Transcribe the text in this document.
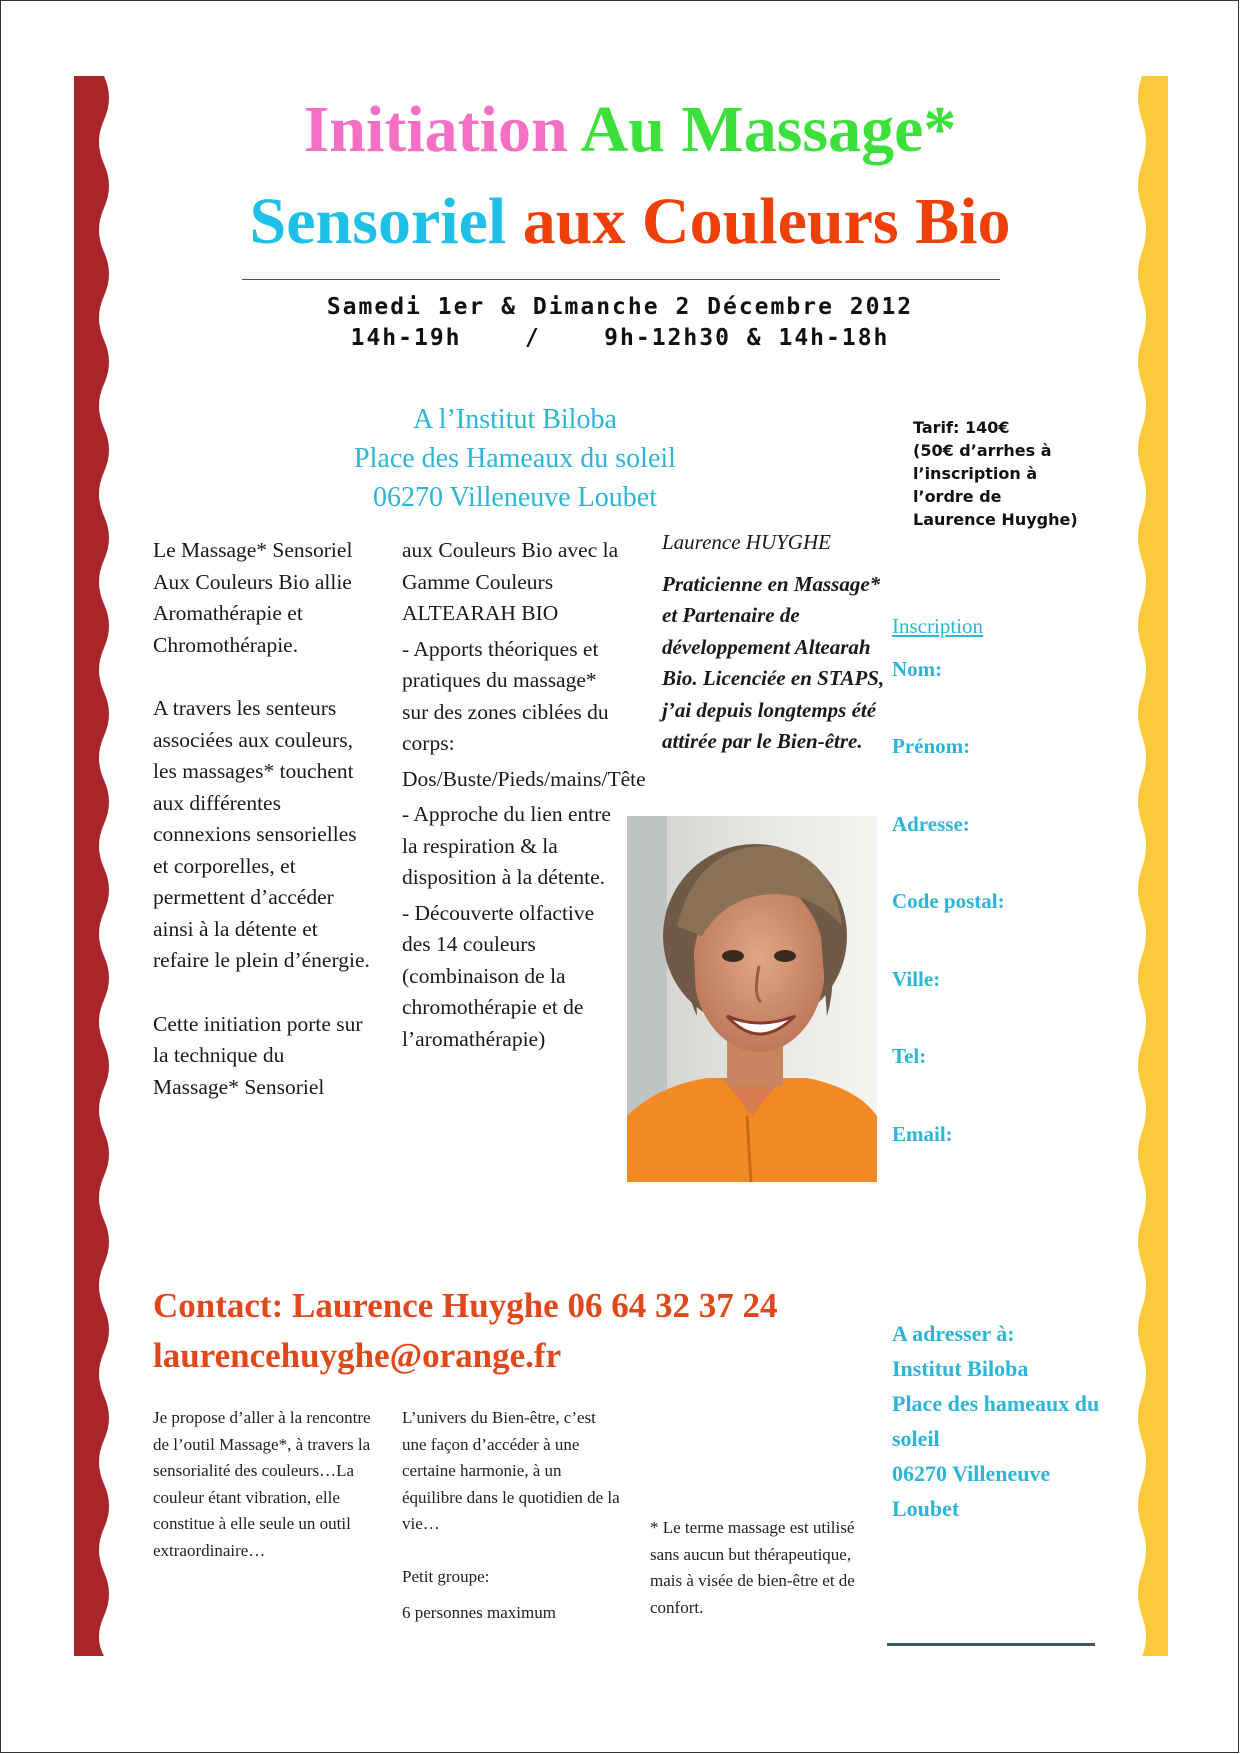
Initiation Au Massage*
Sensoriel aux Couleurs Bio
Samedi 1er & Dimanche 2 Décembre 2012
14h-19h    /    9h-12h30 & 14h-18h
A l’Institut Biloba
Place des Hameaux du soleil
06270 Villeneuve Loubet
Tarif: 140€
(50€ d’arrhes à
l’inscription à
l’ordre de
Laurence Huyghe)

Le Massage* Sensoriel Aux Couleurs Bio allie Aromathérapie et Chromothérapie.

A travers les senteurs associées aux couleurs, les massages* touchent aux différentes connexions sensorielles et corporelles, et permettent d’accéder ainsi à la détente et refaire le plein d’énergie.

Cette initiation porte sur la technique du Massage* Sensoriel

aux Couleurs Bio avec la Gamme Couleurs ALTEARAH BIO

- Apports théoriques et pratiques du massage* sur des zones ciblées du corps:

Dos/Buste/Pieds/mains/Tête

- Approche du lien entre la respiration & la disposition à la détente.

- Découverte olfactive des 14 couleurs (combinaison de la chromothérapie et de l’aromathérapie)

Laurence HUYGHE

Praticienne en Massage* et Partenaire de développement Altearah Bio. Licenciée en STAPS, j’ai depuis longtemps été attirée par le Bien-être.

Inscription
Nom:
Prénom:
Adresse:
Code postal:
Ville:
Tel:
Email:
Contact: Laurence Huyghe 06 64 32 37 24
laurencehuyghe@orange.fr

A adresser à:

Institut Biloba

Place des hameaux du soleil

06270 Villeneuve Loubet

Je propose d’aller à la rencontre de l’outil Massage*, à travers la sensorialité des couleurs…La couleur étant vibration, elle constitue à elle seule un outil extraordinaire…

L’univers du Bien-être, c’est une façon d’accéder à une certaine harmonie, à un équilibre dans le quotidien de la vie…

Petit groupe:

6 personnes maximum

* Le terme massage est utilisé sans aucun but thérapeutique, mais à visée de bien-être et de confort.
